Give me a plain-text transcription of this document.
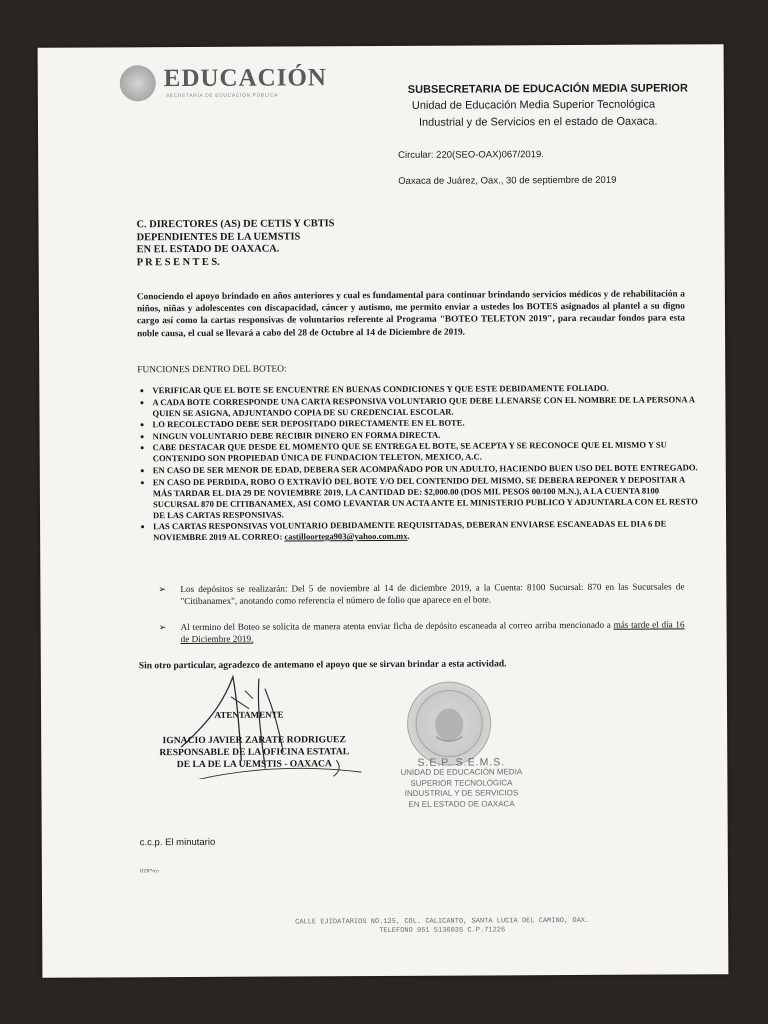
EDUCACIÓN
SECRETARÍA DE EDUCACIÓN PÚBLICA	SUBSECRETARIA DE EDUCACIÓN MEDIA SUPERIOR
Unidad de Educación Media Superior Tecnológica
Industrial y de Servicios en el estado de Oaxaca.
Circular: 220(SEO-OAX)067/2019.
Oaxaca de Juárez, Oax., 30 de septiembre de 2019
C. DIRECTORES (AS) DE CETIS Y CBTIS
DEPENDIENTES DE LA UEMSTIS
EN EL ESTADO DE OAXACA.
P R E S E N T E S.
Conociendo el apoyo brindado en años anteriores y cual es fundamental para continuar brindando servicios médicos y de rehabilitación a niños, niñas y adolescentes con discapacidad, cáncer y autismo, me permito enviar a ustedes los BOTES asignados al plantel a su digno cargo así como la cartas responsivas de voluntarios referente al Programa "BOTEO TELETON 2019", para recaudar fondos para esta noble causa, el cual se llevará a cabo del 28 de Octubre al 14 de Diciembre de 2019.
FUNCIONES DENTRO DEL BOTEO:
• VERIFICAR QUE EL BOTE SE ENCUENTRE EN BUENAS CONDICIONES Y QUE ESTE DEBIDAMENTE FOLIADO.
• A CADA BOTE CORRESPONDE UNA CARTA RESPONSIVA VOLUNTARIO QUE DEBE LLENARSE CON EL NOMBRE DE LA PERSONA A QUIEN SE ASIGNA, ADJUNTANDO COPIA DE SU CREDENCIAL ESCOLAR.
• LO RECOLECTADO DEBE SER DEPOSITADO DIRECTAMENTE EN EL BOTE.
• NINGUN VOLUNTARIO DEBE RECIBIR DINERO EN FORMA DIRECTA.
• CABE DESTACAR QUE DESDE EL MOMENTO QUE SE ENTREGA EL BOTE, SE ACEPTA Y SE RECONOCE QUE EL MISMO Y SU CONTENIDO SON PROPIEDAD ÚNICA DE FUNDACION TELETON, MEXICO, A.C.
• EN CASO DE SER MENOR DE EDAD, DEBERA SER ACOMPAÑADO POR UN ADULTO, HACIENDO BUEN USO DEL BOTE ENTREGADO.
• EN CASO DE PERDIDA, ROBO O EXTRAVÍO DEL BOTE Y/O DEL CONTENIDO DEL MISMO, SE DEBERA REPONER Y DEPOSITAR A MÁS TARDAR EL DIA 29 DE NOVIEMBRE 2019, LA CANTIDAD DE: $2,000.00 (DOS MIL PESOS 00/100 M.N.), A LA CUENTA 8100 SUCURSAL 870 DE CITIBANAMEX, ASI COMO LEVANTAR UN ACTA ANTE EL MINISTERIO PUBLICO Y ADJUNTARLA CON EL RESTO DE LAS CARTAS RESPONSIVAS.
• LAS CARTAS RESPONSIVAS VOLUNTARIO DEBIDAMENTE REQUISITADAS, DEBERAN ENVIARSE ESCANEADAS EL DIA 6 DE NOVIEMBRE 2019 AL CORREO: castilloortega903@yahoo.com.mx.
➢	Los depósitos se realizarán: Del 5 de noviembre al 14 de diciembre 2019, a la Cuenta: 8100 Sucursal: 870 en las Sucursales de "Citibanamex", anotando como referencia el número de folio que aparece en el bote.
➢	Al termino del Boteo se solicita de manera atenta enviar ficha de depósito escaneada al correo arriba mencionado a más tarde el día 16 de Diciembre 2019.
Sin otro particular, agradezco de antemano el apoyo que se sirvan brindar a esta actividad.
ATENTAMENTE
IGNACIO JAVIER ZARATE RODRIGUEZ
RESPONSABLE DE LA OFICINA ESTATAL
DE LA DE LA UEMSTIS - OAXACA	S.E.P. S.E.M.S.
UNIDAD DE EDUCACIÓN MEDIA
SUPERIOR TECNOLÓGICA
INDUSTRIAL Y DE SERVICIOS
EN EL ESTADO DE OAXACA
c.c.p. El minutario
IJZR*rco
CALLE EJIDATARIOS NO.125, COL. CALICANTO, SANTA LUCIA DEL CAMINO, OAX.
TELEFONO 951 5136035 C.P.71226
